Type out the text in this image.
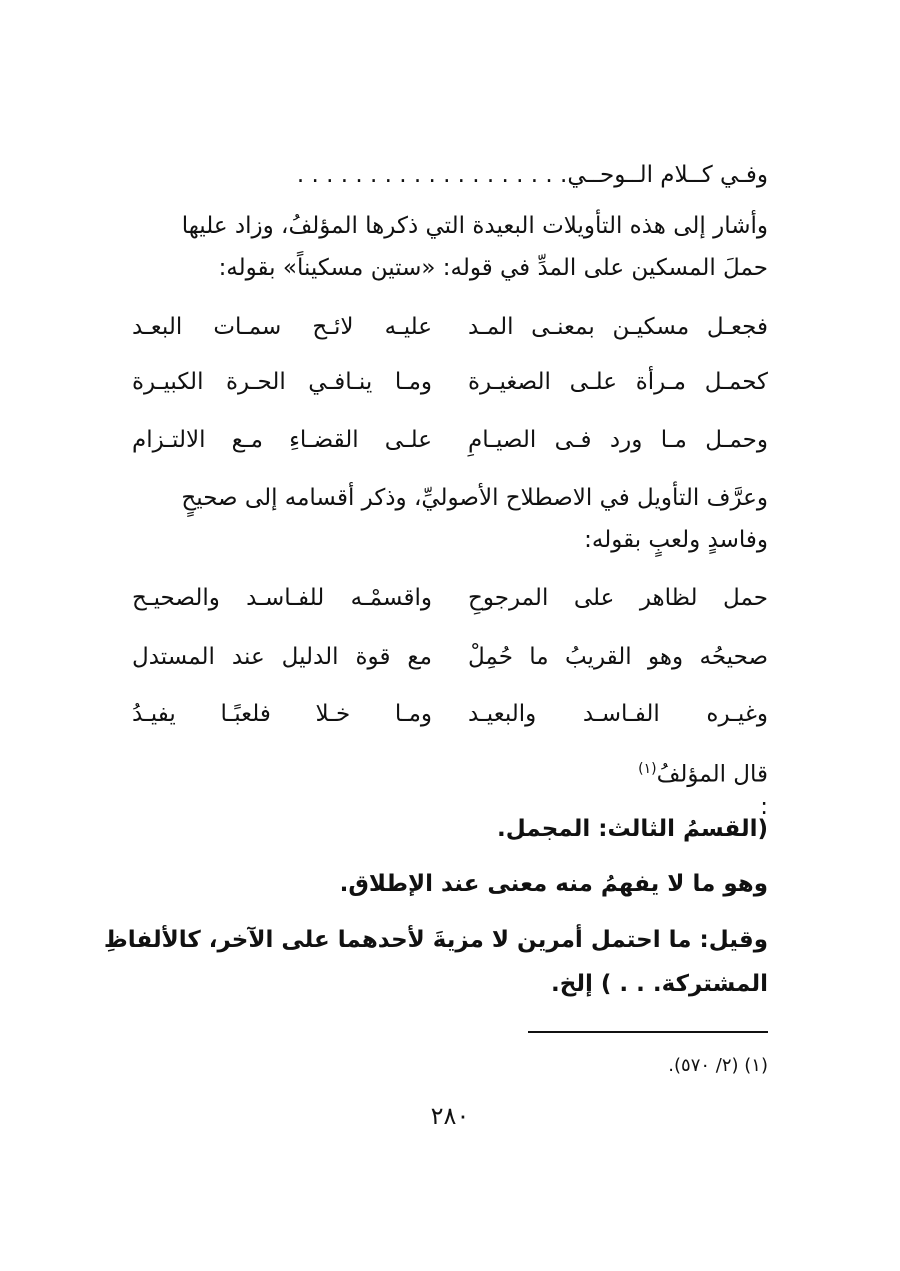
وفـي كــلام الــوحــي. . . . . . . . . . . . . . . . . . .
وأشار إلى هذه التأويلات البعيدة التي ذكرها المؤلفُ، وزاد عليها
حملَ المسكين على المدِّ في قوله: «ستين مسكيناً» بقوله:
فجعـل مسكيـن بمعنـى المـد
عليـه لائـح سمـات البعـد
كحمـل مـرأة علـى الصغيـرة
ومـا ينـافـي الحـرة الكبيـرة
وحمـل مـا ورد فـى الصيـامِ
علـى القضـاءِ مـع الالتـزام
وعرَّف التأويل في الاصطلاح الأصوليِّ، وذكر أقسامه إلى صحيحٍ
وفاسدٍ ولعبٍ بقوله:
حمل لظاهر على المرجوحِ
واقسمْـه للفـاسـد والصحيـح
صحيحُه وهو القريبُ ما حُمِلْ
مع قوة الدليل عند المستدل
وغيـره الفـاسـد والبعيـد
ومـا خـلا فلعبًـا يفيـدُ
قال المؤلفُ$^{(١)}$
:
(القسمُ الثالث: المجمل.
وهو ما لا يفهمُ منه معنى عند الإطلاق.
وقيل: ما احتمل أمرين لا مزيةَ لأحدهما على الآخر، كالألفاظِ
المشتركة. . . ) إلخ.
(١) (٢/ ٥٧٠).
٢٨٠
